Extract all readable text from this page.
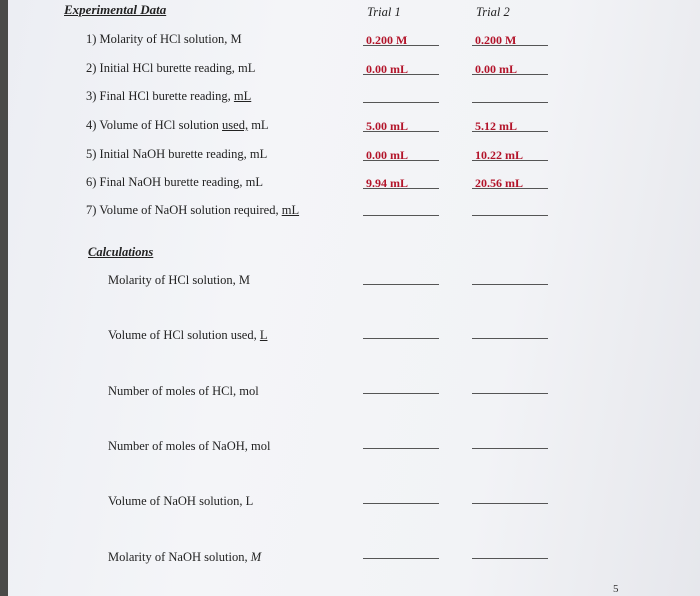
Experimental Data	Trial 1	Trial 2
1) Molarity of HCl solution, M	0.200 M	0.200 M
2) Initial HCl burette reading, mL	0.00 mL	0.00 mL
3) Final HCl burette reading, mL
4) Volume of HCl solution used, mL	5.00 mL	5.12 mL
5) Initial NaOH burette reading, mL	0.00 mL	10.22 mL
6) Final NaOH burette reading, mL	9.94 mL	20.56 mL
7) Volume of NaOH solution required, mL
Calculations
Molarity of HCl solution, M
Volume of HCl solution used, L
Number of moles of HCl, mol
Number of moles of NaOH, mol
Volume of NaOH solution, L
Molarity of NaOH solution, M
5
